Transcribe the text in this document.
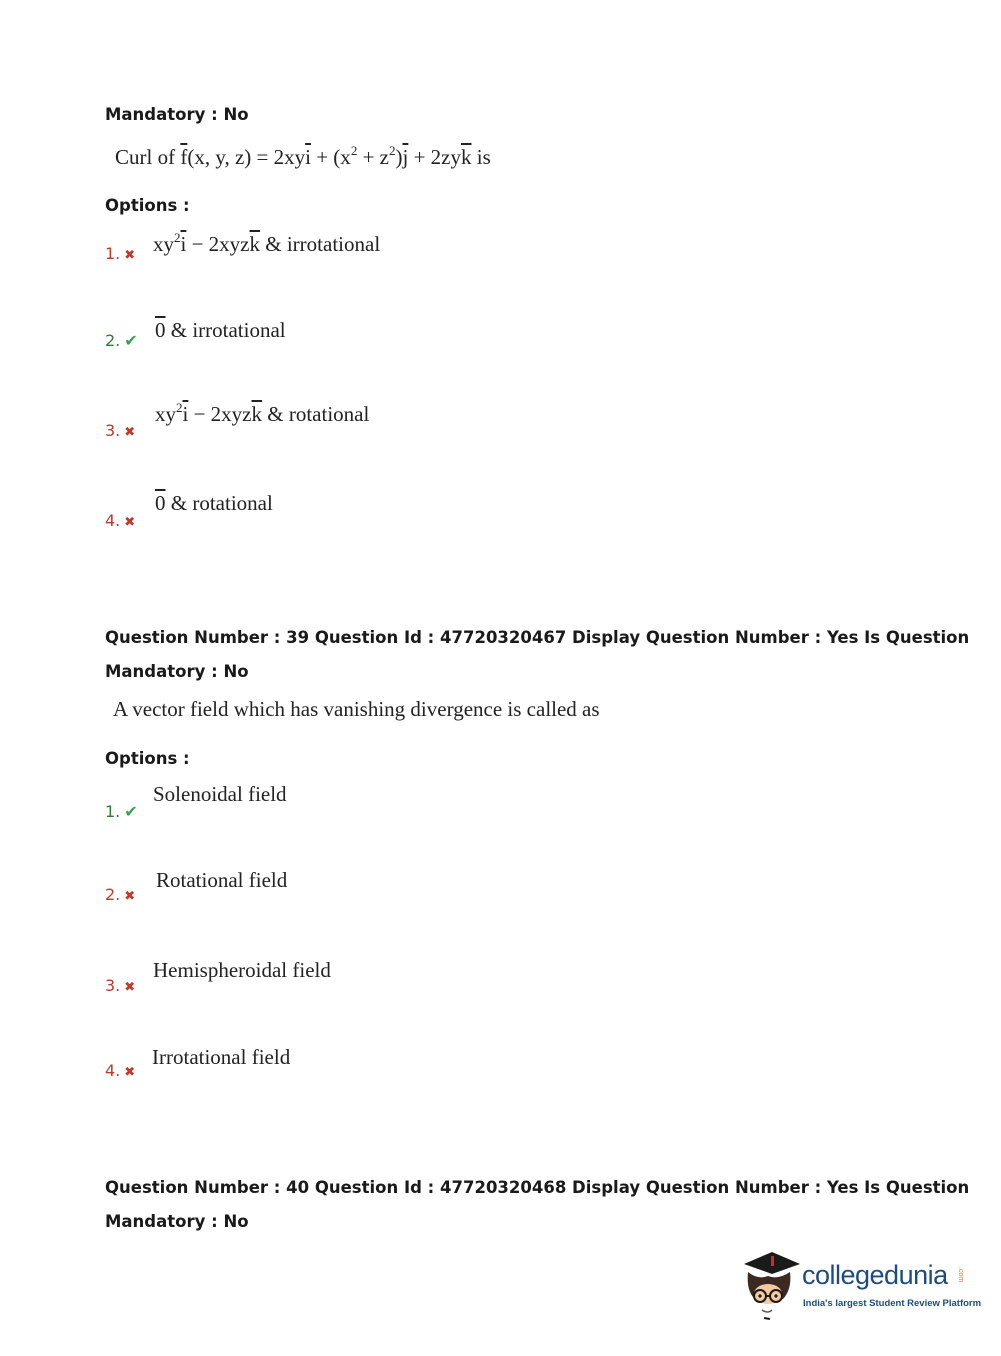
Mandatory : No
Curl of $\overline{f}(x$, y, $z) = 2xy\overline{i} + (x^2 + z^2)\overline{j} + 2zy\overline{k}$ is
Options :
1. ✖ $xy^2\overline{i} - 2xyz\overline{k}$ & irrotational
2. ✔ 0 & irrotational
3. ✖
$xy^2\overline{i} - 2xyz\overline{k}$ & rotational
4. ✖
0 & rotational
Question Number : 39 Question Id : 47720320467 Display Question Number : Yes Is Question
Mandatory : No
A vector field which has vanishing divergence is called as
Options :
1. ✔
Solenoidal field
2. ✖
Rotational field
3. ✖
Hemispheroidal field
4. ✖
Irrotational field
Question Number : 40 Question Id : 47720320468 Display Question Number : Yes Is Question
Mandatory : No
collegedunia .com
India's largest Student Review Platform
